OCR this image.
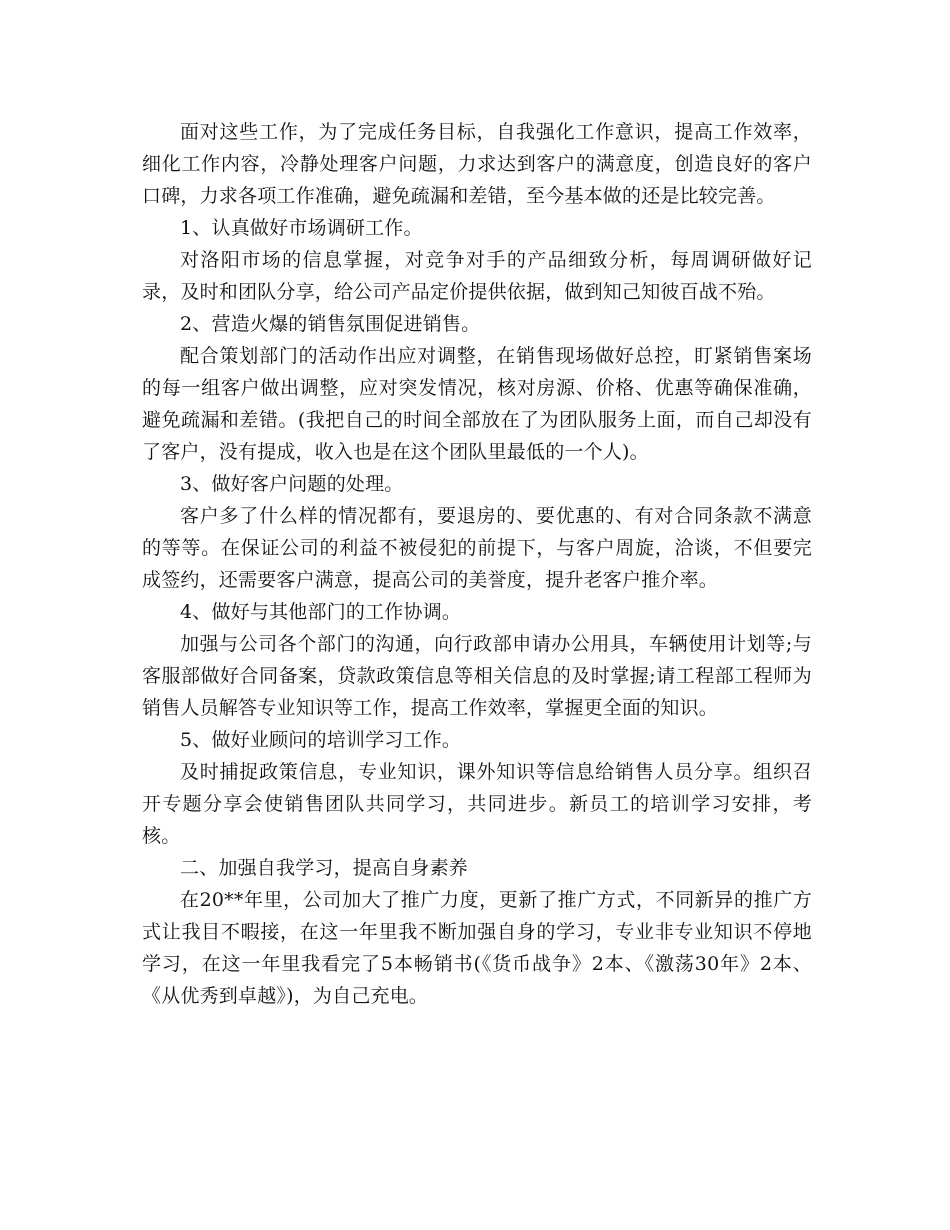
面对这些工作，为了完成任务目标，自我强化工作意识，提高工作效率，细化工作内容，冷静处理客户问题，力求达到客户的满意度，创造良好的客户口碑，力求各项工作准确，避免疏漏和差错，至今基本做的还是比较完善。

1、认真做好市场调研工作。

对洛阳市场的信息掌握，对竞争对手的产品细致分析，每周调研做好记录，及时和团队分享，给公司产品定价提供依据，做到知己知彼百战不殆。

2、营造火爆的销售氛围促进销售。

配合策划部门的活动作出应对调整，在销售现场做好总控，盯紧销售案场的每一组客户做出调整，应对突发情况，核对房源、价格、优惠等确保准确，避免疏漏和差错。(我把自己的时间全部放在了为团队服务上面，而自己却没有了客户，没有提成，收入也是在这个团队里最低的一个人)。

3、做好客户问题的处理。

客户多了什么样的情况都有，要退房的、要优惠的、有对合同条款不满意的等等。在保证公司的利益不被侵犯的前提下，与客户周旋，洽谈，不但要完成签约，还需要客户满意，提高公司的美誉度，提升老客户推介率。

4、做好与其他部门的工作协调。

加强与公司各个部门的沟通，向行政部申请办公用具，车辆使用计划等;与客服部做好合同备案，贷款政策信息等相关信息的及时掌握;请工程部工程师为销售人员解答专业知识等工作，提高工作效率，掌握更全面的知识。

5、做好业顾问的培训学习工作。

及时捕捉政策信息，专业知识，课外知识等信息给销售人员分享。组织召开专题分享会使销售团队共同学习，共同进步。新员工的培训学习安排，考核。

二、加强自我学习，提高自身素养

在20**年里，公司加大了推广力度，更新了推广方式，不同新异的推广方式让我目不暇接，在这一年里我不断加强自身的学习，专业非专业知识不停地学习，在这一年里我看完了5本畅销书(《货币战争》2本、《激荡30年》2本、《从优秀到卓越》)，为自己充电。
